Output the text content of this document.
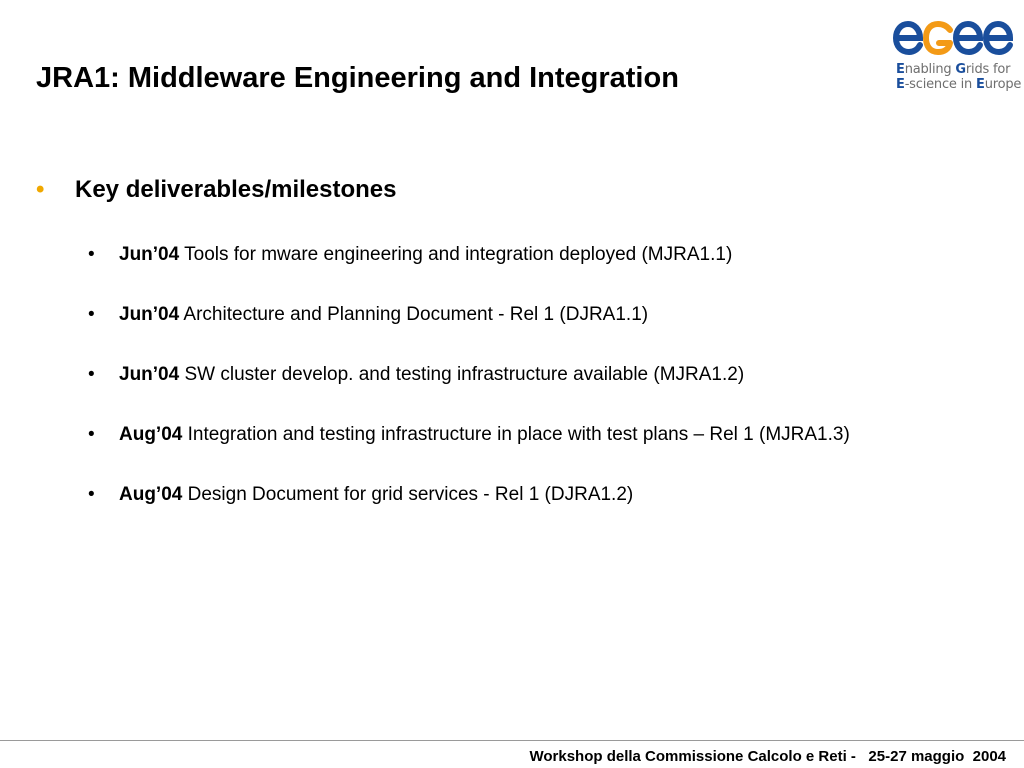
JRA1: Middleware Engineering and Integration	Enabling Grids for
E-science in Europe
• Key deliverables/milestones
• Jun’04 Tools for mware engineering and integration deployed (MJRA1.1)
• Jun’04 Architecture and Planning Document - Rel 1 (DJRA1.1)
• Jun’04 SW cluster develop. and testing infrastructure available (MJRA1.2)
• Aug’04 Integration and testing infrastructure in place with test plans – Rel 1 (MJRA1.3)
• Aug’04 Design Document for grid services - Rel 1 (DJRA1.2)
Workshop della Commissione Calcolo e Reti -   25-27 maggio  2004
